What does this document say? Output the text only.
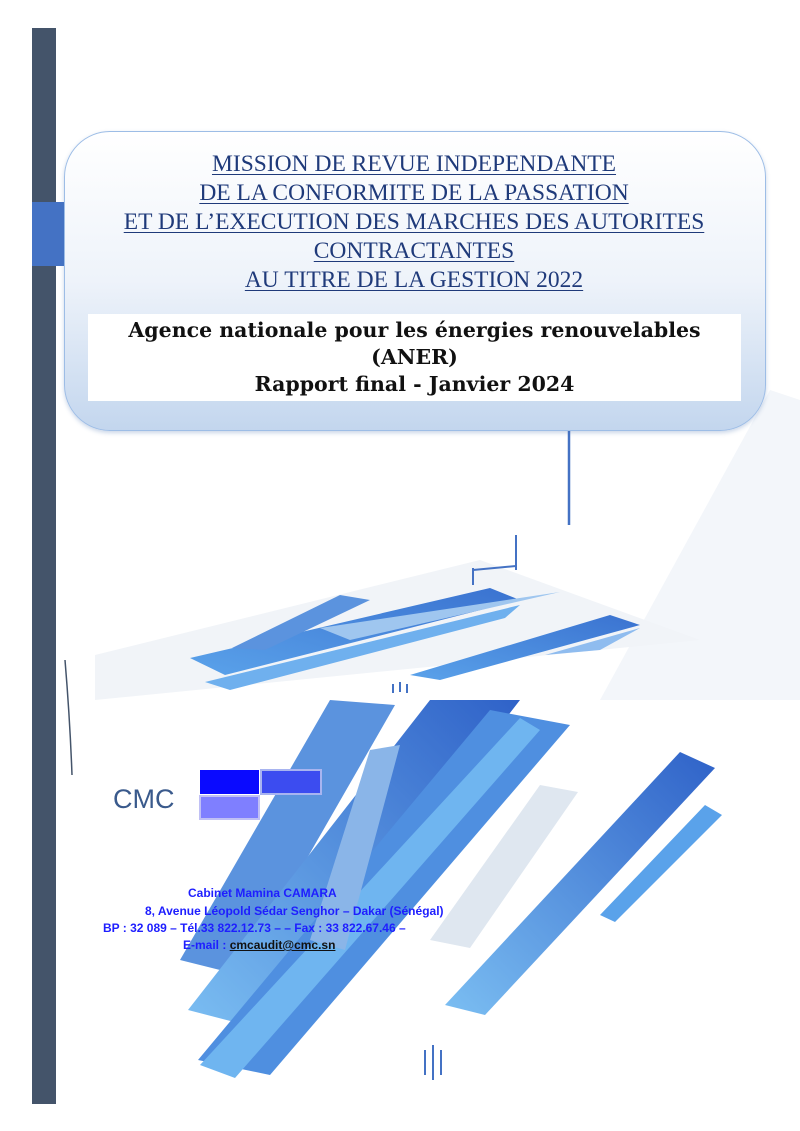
MISSION DE REVUE INDEPENDANTE
DE LA CONFORMITE DE LA PASSATION
ET DE L’EXECUTION DES MARCHES DES AUTORITES
CONTRACTANTES
AU TITRE DE LA GESTION 2022
Agence nationale pour les énergies renouvelables
(ANER)
Rapport final - Janvier 2024
CMC
Cabinet Mamina CAMARA
8, Avenue Léopold Sédar Senghor – Dakar (Sénégal)
BP : 32 089 – Tél.33 822.12.73 – – Fax : 33 822.67.46 –
E-mail : cmcaudit@cmc.sn
